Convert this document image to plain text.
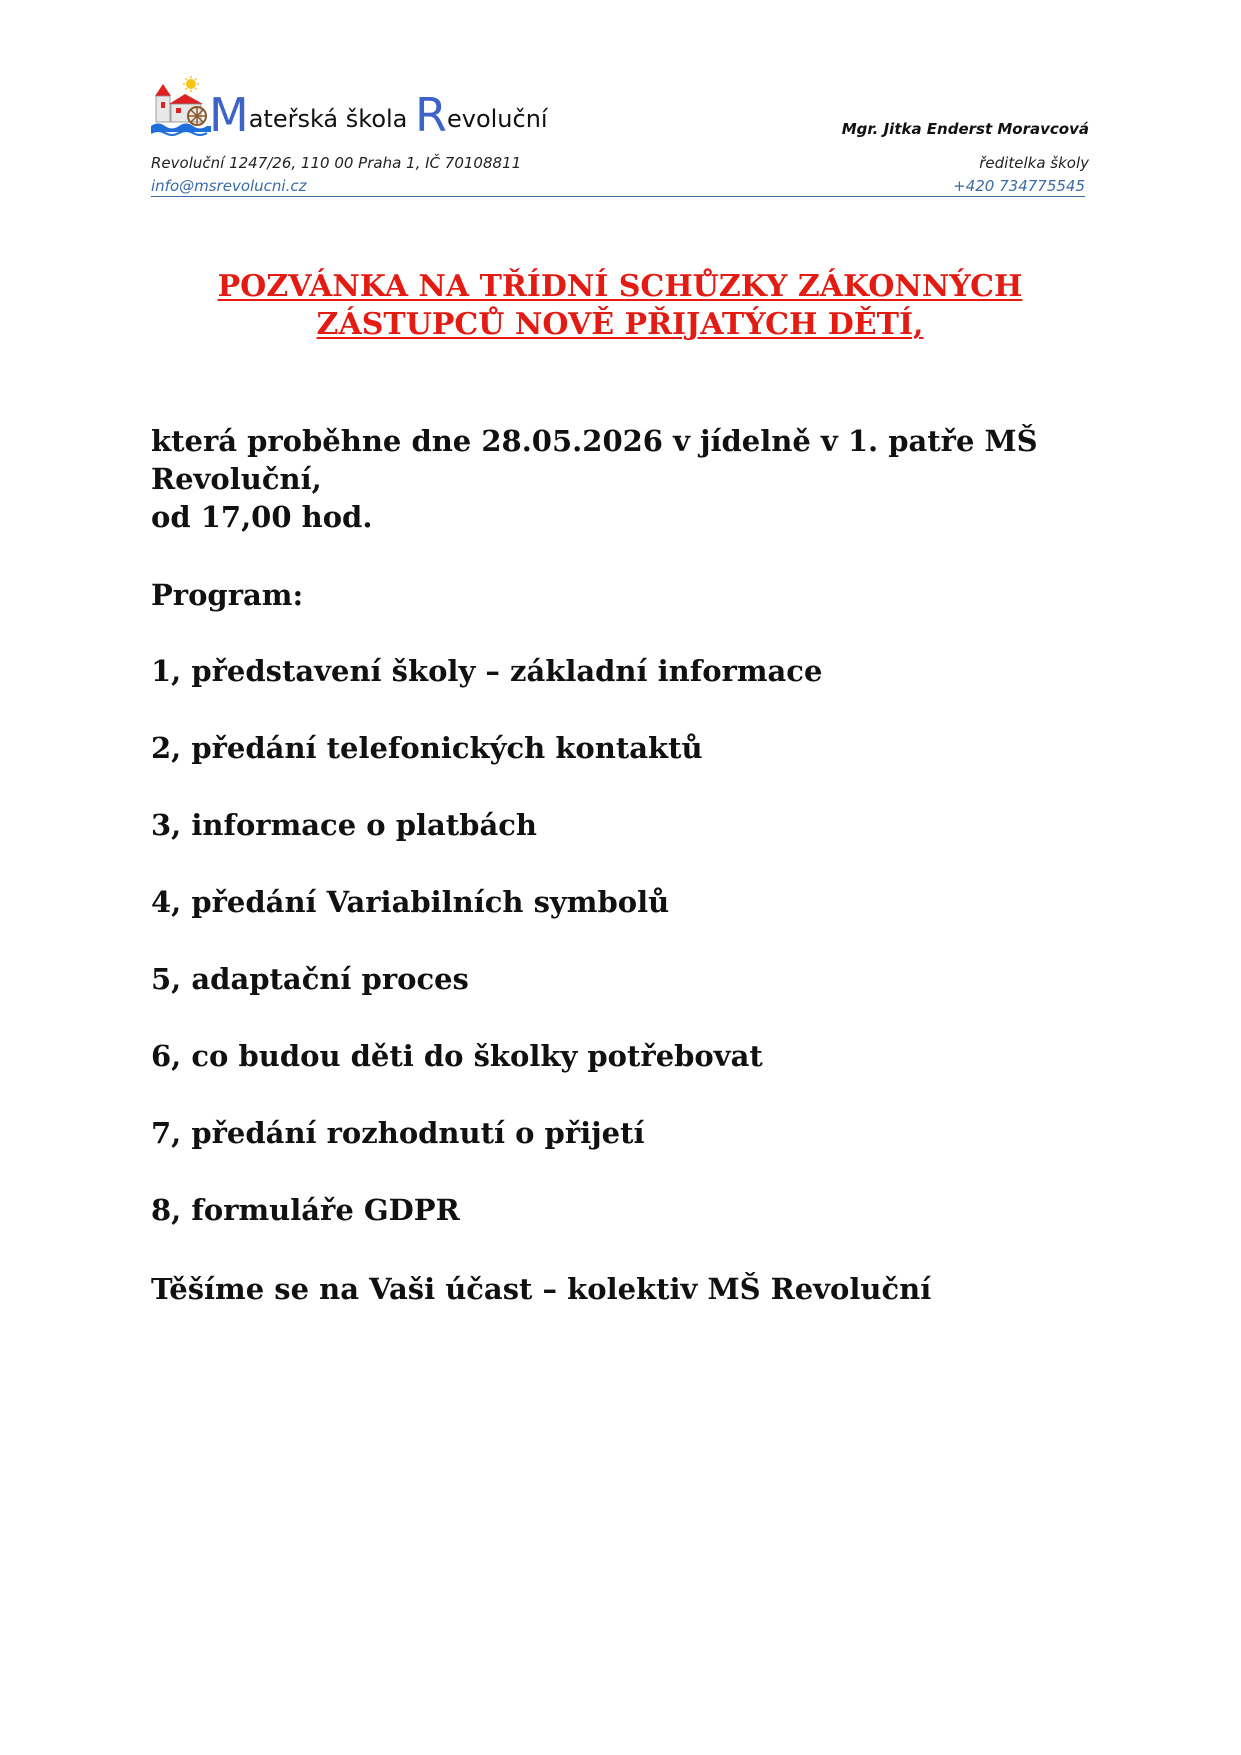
Mateřská škola Revoluční	Mgr. Jitka Enderst Moravcová
Revoluční 1247/26, 110 00 Praha 1, IČ 70108811	ředitelka školy
info@msrevolucni.cz	+420 734775545
POZVÁNKA NA TŘÍDNÍ SCHŮZKY ZÁKONNÝCH
ZÁSTUPCŮ NOVĚ PŘIJATÝCH DĚTÍ,
která proběhne dne 28.05.2026 v jídelně v 1. patře MŠ Revoluční,
od 17,00 hod.
Program:
1, představení školy – základní informace
2, předání telefonických kontaktů
3, informace o platbách
4, předání Variabilních symbolů
5, adaptační proces
6, co budou děti do školky potřebovat
7, předání rozhodnutí o přijetí
8, formuláře GDPR
Těšíme se na Vaši účast – kolektiv MŠ Revoluční
